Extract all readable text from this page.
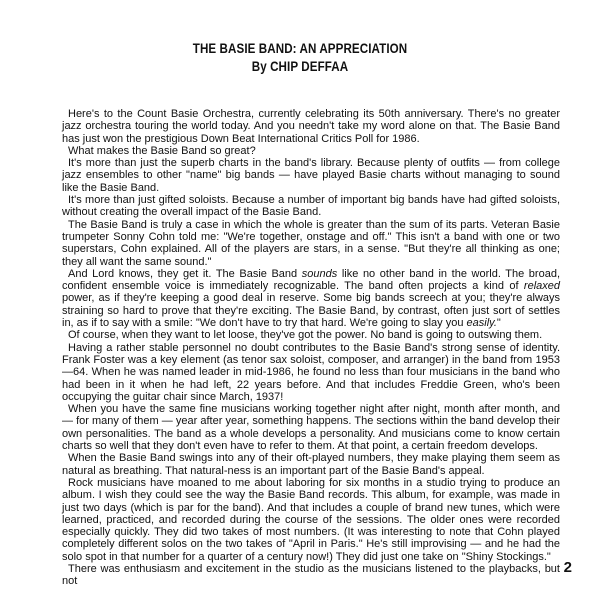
THE BASIE BAND: AN APPRECIATION
By CHIP DEFFAA

Here's to the Count Basie Orchestra, currently celebrating its 50th anniversary. There's no greater jazz orchestra touring the world today. And you needn't take my word alone on that. The Basie Band has just won the prestigious Down Beat International Critics Poll for 1986.

What makes the Basie Band so great?

It's more than just the superb charts in the band's library. Because plenty of outfits — from college jazz ensembles to other "name" big bands — have played Basie charts without managing to sound like the Basie Band.

It's more than just gifted soloists. Because a number of important big bands have had gifted soloists, without creating the overall impact of the Basie Band.

The Basie Band is truly a case in which the whole is greater than the sum of its parts. Veteran Basie trumpeter Sonny Cohn told me: "We're together, onstage and off." This isn't a band with one or two superstars, Cohn explained. All of the players are stars, in a sense. "But they're all thinking as one; they all want the same sound."

And Lord knows, they get it. The Basie Band sounds like no other band in the world. The broad, confident ensemble voice is immediately recognizable. The band often projects a kind of relaxed power, as if they're keeping a good deal in reserve. Some big bands screech at you; they're always straining so hard to prove that they're exciting. The Basie Band, by contrast, often just sort of settles in, as if to say with a smile: "We don't have to try that hard. We're going to slay you easily."

Of course, when they want to let loose, they've got the power. No band is going to outswing them.

Having a rather stable personnel no doubt contributes to the Basie Band's strong sense of identity. Frank Foster was a key element (as tenor sax soloist, composer, and arranger) in the band from 1953—64. When he was named leader in mid-1986, he found no less than four musicians in the band who had been in it when he had left, 22 years before. And that includes Freddie Green, who's been occupying the guitar chair since March, 1937!

When you have the same fine musicians working together night after night, month after month, and — for many of them — year after year, something happens. The sections within the band develop their own personalities. The band as a whole develops a personality. And musicians come to know certain charts so well that they don't even have to refer to them. At that point, a certain freedom develops.

When the Basie Band swings into any of their oft-played numbers, they make playing them seem as natural as breathing. That natural-ness is an important part of the Basie Band's appeal.

Rock musicians have moaned to me about laboring for six months in a studio trying to produce an album. I wish they could see the way the Basie Band records. This album, for example, was made in just two days (which is par for the band). And that includes a couple of brand new tunes, which were learned, practiced, and recorded during the course of the sessions. The older ones were recorded especially quickly. They did two takes of most numbers. (It was interesting to note that Cohn played completely different solos on the two takes of "April in Paris." He's still improvising — and he had the solo spot in that number for a quarter of a century now!) They did just one take on "Shiny Stockings."

There was enthusiasm and excitement in the studio as the musicians listened to the playbacks, but not

2
